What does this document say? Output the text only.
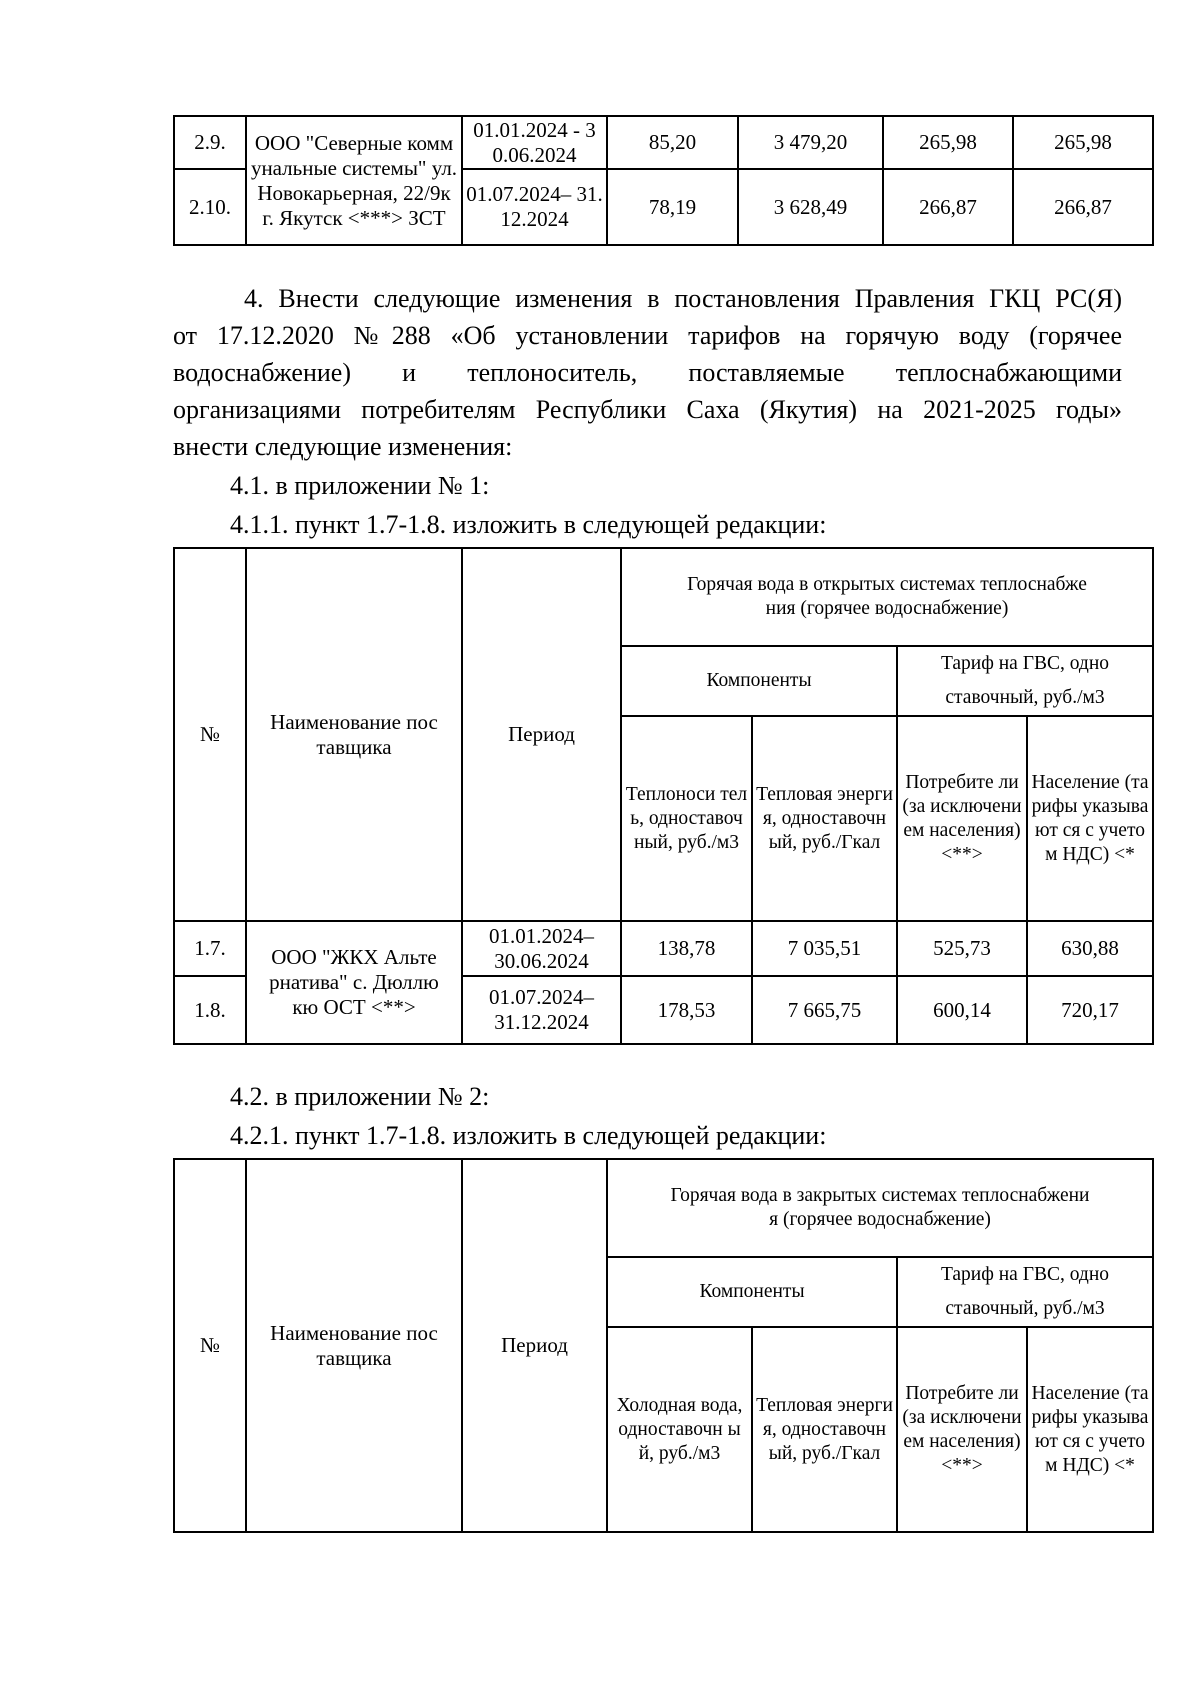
2.9.	ООО "Северные коммунальные системы" ул. Новокарьерная, 22/9к г. Якутск <***> ЗСТ	01.01.2024 - 30.06.2024	85,20	3 479,20	265,98	265,98
2.10.		01.07.2024– 31.12.2024	78,19	3 628,49	266,87	266,87
4. Внести следующие изменения в постановления Правления ГКЦ РС(Я)
от 17.12.2020 №288 «Об установлении тарифов на горячую воду (горячее
водоснабжение) и теплоноситель, поставляемые теплоснабжающими
организациями потребителям Республики Саха (Якутия) на 2021-2025 годы»
внести следующие изменения:
4.1. в приложении № 1:
4.1.1. пункт 1.7-1.8. изложить в следующей редакции:
№	Наименование поставщика	Период	Горячая вода в открытых системах теплоснабжения (горячее водоснабжение)			
			Компоненты		Тариф на ГВС, одноставочный, руб./м3	
			Теплоноси тель, одноставоч ный, руб./м3	Тепловая энергия, одноставочн ый, руб./Гкал	Потребите ли (за исключени ем населения) <**>	Население (тарифы указывают ся с учетом НДС) <*
1.7.	ООО "ЖКХ Альтернатива" с. Дюллюкю ОСТ <**>	01.01.2024– 30.06.2024	138,78	7 035,51	525,73	630,88
1.8.		01.07.2024– 31.12.2024	178,53	7 665,75	600,14	720,17
4.2. в приложении № 2:
4.2.1. пункт 1.7-1.8. изложить в следующей редакции:
№	Наименование поставщика	Период	Горячая вода в закрытых системах теплоснабжения (горячее водоснабжение)			
			Компоненты		Тариф на ГВС, одноставочный, руб./м3	
			Холодная вода, одноставочн ый, руб./м3	Тепловая энергия, одноставочн ый, руб./Гкал	Потребите ли (за исключени ем населения) <**>	Население (тарифы указывают ся с учетом НДС) <*
